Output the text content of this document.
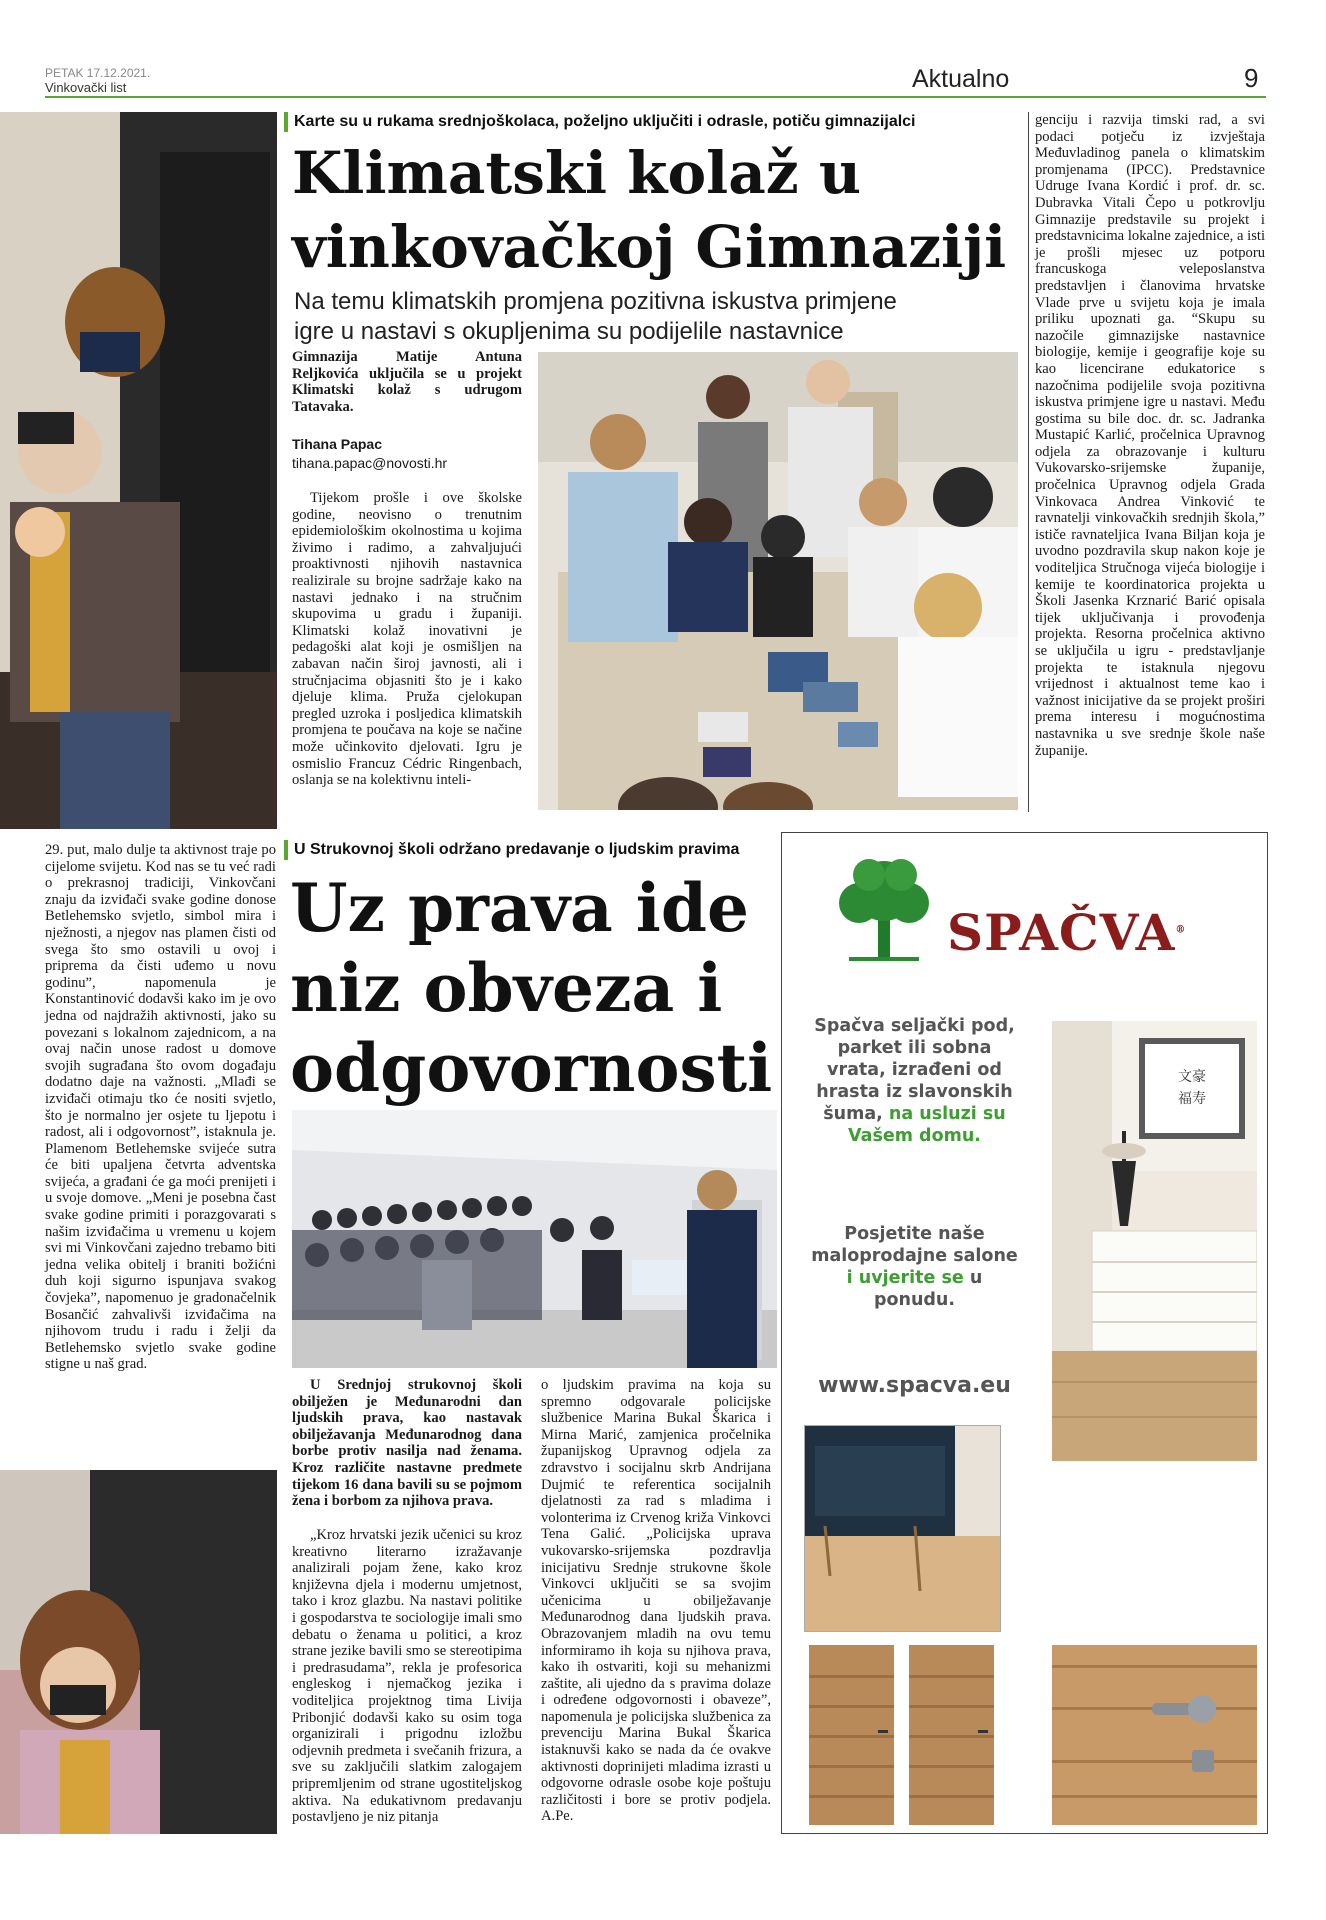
PETAK 17.12.2021.
Vinkovački list	Aktualno	9
29. put, malo dulje ta aktivnost traje po cijelome svijetu. Kod nas se tu već radi o prekrasnoj tradiciji, Vinkovčani znaju da izviđači svake godine donose Betlehemsko svjetlo, simbol mira i nježnosti, a njegov nas plamen čisti od svega što smo ostavili u ovoj i priprema da čisti uđemo u novu godinu”, napomenula je Konstantinović dodavši kako im je ovo jedna od najdražih aktivnosti, jako su povezani s lokalnom zajednicom, a na ovaj način unose radost u domove svojih sugrađana što ovom događaju dodatno daje na važnosti. „Mlađi se izviđači otimaju tko će nositi svjetlo, što je normalno jer osjete tu ljepotu i radost, ali i odgovornost”, istaknula je. Plamenom Betlehemske svijeće sutra će biti upaljena četvrta adventska svijeća, a građani će ga moći prenijeti i u svoje domove. „Meni je posebna čast svake godine primiti i porazgovarati s našim izviđačima u vremenu u kojem svi mi Vinkovčani zajedno trebamo biti jedna velika obitelj i braniti božićni duh koji sigurno ispunjava svakog čovjeka”, napomenuo je gradonačelnik Bosančić zahvalivši izviđačima na njihovom trudu i radu i želji da Betlehemsko svjetlo svake godine stigne u naš grad.
Karte su u rukama srednjoškolaca, poželjno uključiti i odrasle, potiču gimnazijalci
Klimatski kolaž u
vinkovačkoj Gimnaziji
Na temu klimatskih promjena pozitivna iskustva primjene
igre u nastavi s okupljenima su podijelile nastavnice
Gimnazija Matije Antuna Reljkovića uključila se u projekt Klimatski kolaž s udrugom Tatavaka.
Tihana Papac
tihana.papac@novosti.hr

Tijekom prošle i ove školske godine, neovisno o trenutnim epidemiološkim okolnostima u kojima živimo i radimo, a zahvaljujući proaktivnosti njihovih nastavnica realizirale su brojne sadržaje kako na nastavi jednako i na stručnim skupovima u gradu i županiji. Klimatski kolaž inovativni je pedagoški alat koji je osmišljen na zabavan način široj javnosti, ali i stručnjacima objasniti što je i kako djeluje klima. Pruža cjelokupan pregled uzroka i posljedica klimatskih promjena te poučava na koje se načine može učinkovito djelovati. Igru je osmislio Francuz Cédric Ringenbach, oslanja se na kolektivnu inteli-

genciju i razvija timski rad, a svi podaci potječu iz izvještaja Međuvladinog panela o klimatskim promjenama (IPCC). Predstavnice Udruge Ivana Kordić i prof. dr. sc. Dubravka Vitali Čepo u potkrovlju Gimnazije predstavile su projekt i predstavnicima lokalne zajednice, a isti je prošli mjesec uz potporu francuskoga veleposlanstva predstavljen i članovima hrvatske Vlade prve u svijetu koja je imala priliku upoznati ga. “Skupu su nazočile gimnazijske nastavnice biologije, kemije i geografije koje su kao licencirane edukatorice s nazočnima podijelile svoja pozitivna iskustva primjene igre u nastavi. Među gostima su bile doc. dr. sc. Jadranka Mustapić Karlić, pročelnica Upravnog odjela za obrazovanje i kulturu Vukovarsko-srijemske županije, pročelnica Upravnog odjela Grada Vinkovaca Andrea Vinković te ravnatelji vinkovačkih srednjih škola,” ističe ravnateljica Ivana Biljan koja je uvodno pozdravila skup nakon koje je voditeljica Stručnoga vijeća biologije i kemije te koordinatorica projekta u Školi Jasenka Krznarić Barić opisala tijek uključivanja i provođenja projekta. Resorna pročelnica aktivno se uključila u igru - predstavljanje projekta te istaknula njegovu vrijednost i aktualnost teme kao i važnost inicijative da se projekt proširi prema interesu i mogućnostima nastavnika u sve srednje škole naše županije.

U Strukovnoj školi održano predavanje o ljudskim pravima
Uz prava ide
niz obveza i
odgovornosti
U Srednjoj strukovnoj školi obilježen je Međunarodni dan ljudskih prava, kao nastavak obilježavanja Međunarodnog dana borbe protiv nasilja nad ženama. Kroz različite nastavne predmete tijekom 16 dana bavili su se pojmom žena i borbom za njihova prava.

„Kroz hrvatski jezik učenici su kroz kreativno literarno izražavanje analizirali pojam žene, kako kroz književna djela i modernu umjetnost, tako i kroz glazbu. Na nastavi politike i gospodarstva te sociologije imali smo debatu o ženama u politici, a kroz strane jezike bavili smo se stereotipima i predrasudama”, rekla je profesorica engleskog i njemačkog jezika i voditeljica projektnog tima Livija Pribonjić dodavši kako su osim toga organizirali i prigodnu izložbu odjevnih predmeta i svečanih frizura, a sve su zaključili slatkim zalogajem pripremljenim od strane ugostiteljskog aktiva. Na edukativnom predavanju postavljeno je niz pitanja

o ljudskim pravima na koja su spremno odgovarale policijske službenice Marina Bukal Škarica i Mirna Marić, zamjenica pročelnika županijskog Upravnog odjela za zdravstvo i socijalnu skrb Andrijana Dujmić te referentica socijalnih djelatnosti za rad s mladima i volonterima iz Crvenog križa Vinkovci Tena Galić. „Policijska uprava vukovarsko-srijemska pozdravlja inicijativu Srednje strukovne škole Vinkovci uključiti se sa svojim učenicima u obilježavanje Međunarodnog dana ljudskih prava. Obrazovanjem mladih na ovu temu informiramo ih koja su njihova prava, kako ih ostvariti, koji su mehanizmi zaštite, ali ujedno da s pravima dolaze i određene odgovornosti i obaveze”, napomenula je policijska službenica za prevenciju Marina Bukal Škarica istaknuvši kako se nada da će ovakve aktivnosti doprinijeti mladima izrasti u odgovorne odrasle osobe koje poštuju različitosti i bore se protiv podjela. A.Pe.

SPAČVA®
Spačva seljački pod, parket ili sobna vrata, izrađeni od hrasta iz slavonskih šuma, na usluzi su Vašem domu.
Posjetite naše maloprodajne salone i uvjerite se u ponudu.
www.spacva.eu
文豪
福寿
